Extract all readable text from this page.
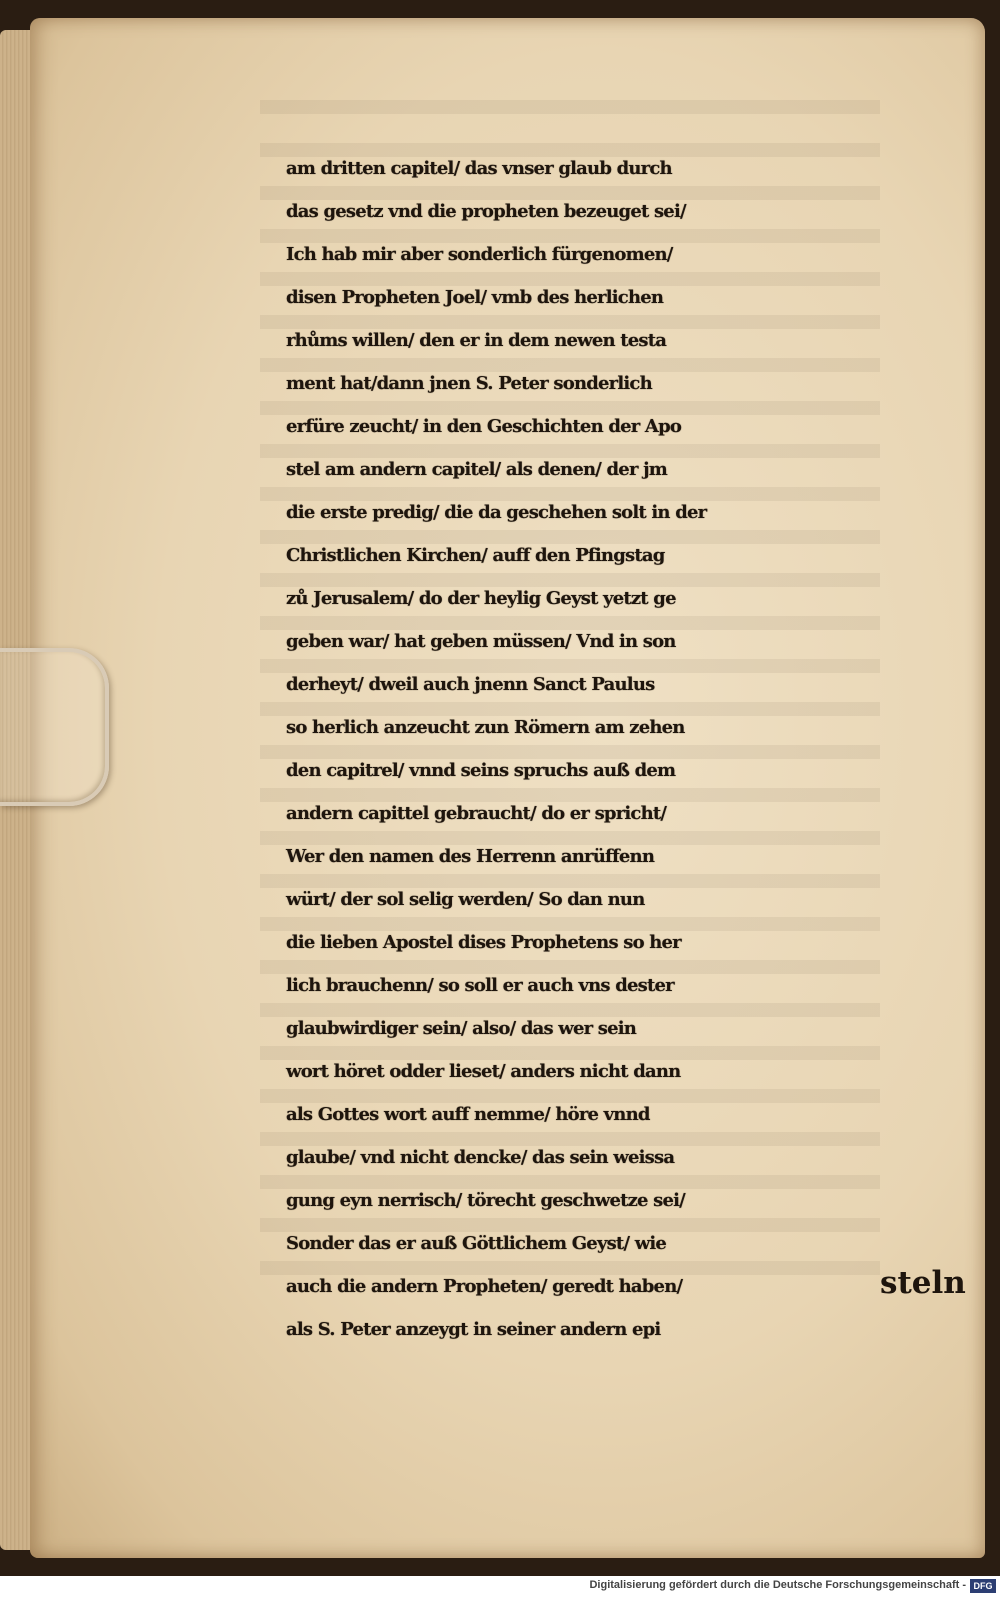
am dritten capitel/ das vnser glaub durch
das gesetz vnd die propheten bezeuget sei/
Ich hab mir aber sonderlich fürgenomen/
disen Propheten Joel/ vmb des herlichen
rhůms willen/ den er in dem newen testa
ment hat/dann jnen S. Peter sonderlich
erfüre zeucht/ in den Geschichten der Apo
stel am andern capitel/ als denen/ der jm
die erste predig/ die da geschehen solt in der
Christlichen Kirchen/ auff den Pfingstag
zů Jerusalem/ do der heylig Geyst yetzt ge
geben war/ hat geben müssen/ Vnd in son
derheyt/ dweil auch jnenn Sanct Paulus
so herlich anzeucht zun Römern am zehen
den capitrel/ vnnd seins spruchs auß dem
andern capittel gebraucht/ do er spricht/
Wer den namen des Herrenn anrüffenn
würt/ der sol selig werden/ So dan nun
die lieben Apostel dises Prophetens so her
lich brauchenn/ so soll er auch vns dester
glaubwirdiger sein/ also/ das wer sein
wort höret odder lieset/ anders nicht dann
als Gottes wort auff nemme/ höre vnnd
glaube/ vnd nicht dencke/ das sein weissa
gung eyn nerrisch/ törecht geschwetze sei/
Sonder das er auß Göttlichem Geyst/ wie
auch die andern Propheten/ geredt haben/
als S. Peter anzeygt in seiner andern epi
steln
Digitalisierung gefördert durch die Deutsche Forschungsgemeinschaft - DFG
